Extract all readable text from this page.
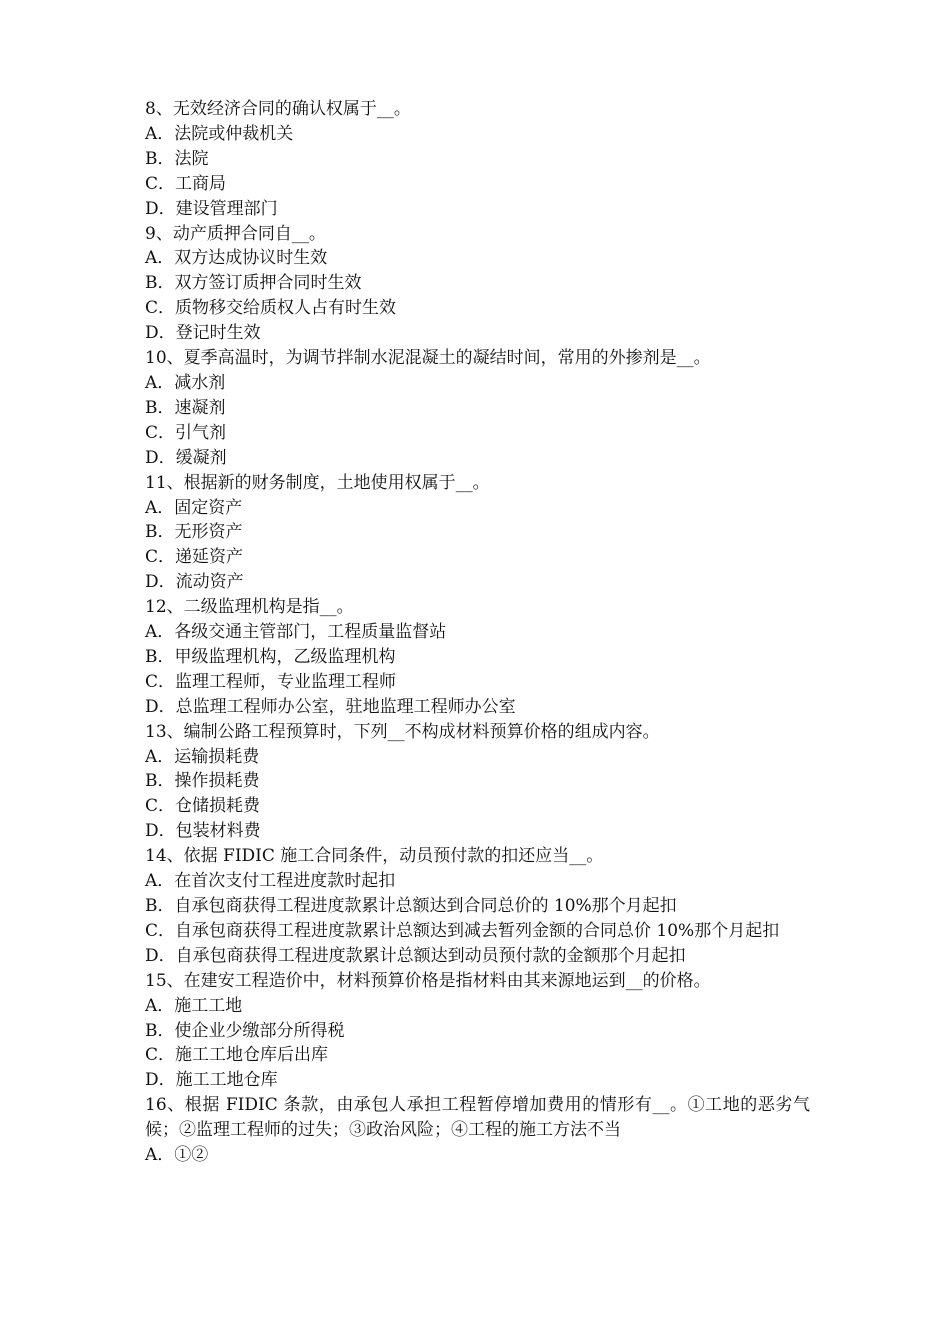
8、无效经济合同的确认权属于__。

A．法院或仲裁机关

B．法院

C．工商局

D．建设管理部门

9、动产质押合同自__。

A．双方达成协议时生效

B．双方签订质押合同时生效

C．质物移交给质权人占有时生效

D．登记时生效

10、夏季高温时，为调节拌制水泥混凝土的凝结时间，常用的外掺剂是__。

A．减水剂

B．速凝剂

C．引气剂

D．缓凝剂

11、根据新的财务制度，土地使用权属于__。

A．固定资产

B．无形资产

C．递延资产

D．流动资产

12、二级监理机构是指__。

A．各级交通主管部门，工程质量监督站

B．甲级监理机构，乙级监理机构

C．监理工程师，专业监理工程师

D．总监理工程师办公室，驻地监理工程师办公室

13、编制公路工程预算时，下列__不构成材料预算价格的组成内容。

A．运输损耗费

B．操作损耗费

C．仓储损耗费

D．包装材料费

14、依据 FIDIC 施工合同条件，动员预付款的扣还应当__。

A．在首次支付工程进度款时起扣

B．自承包商获得工程进度款累计总额达到合同总价的 10%那个月起扣

C．自承包商获得工程进度款累计总额达到减去暂列金额的合同总价 10%那个月起扣

D．自承包商获得工程进度款累计总额达到动员预付款的金额那个月起扣

15、在建安工程造价中，材料预算价格是指材料由其来源地运到__的价格。

A．施工工地

B．使企业少缴部分所得税

C．施工工地仓库后出库

D．施工工地仓库

16、根据 FIDIC 条款，由承包人承担工程暂停增加费用的情形有__。①工地的恶劣气候；②监理工程师的过失；③政治风险；④工程的施工方法不当

A．①②
